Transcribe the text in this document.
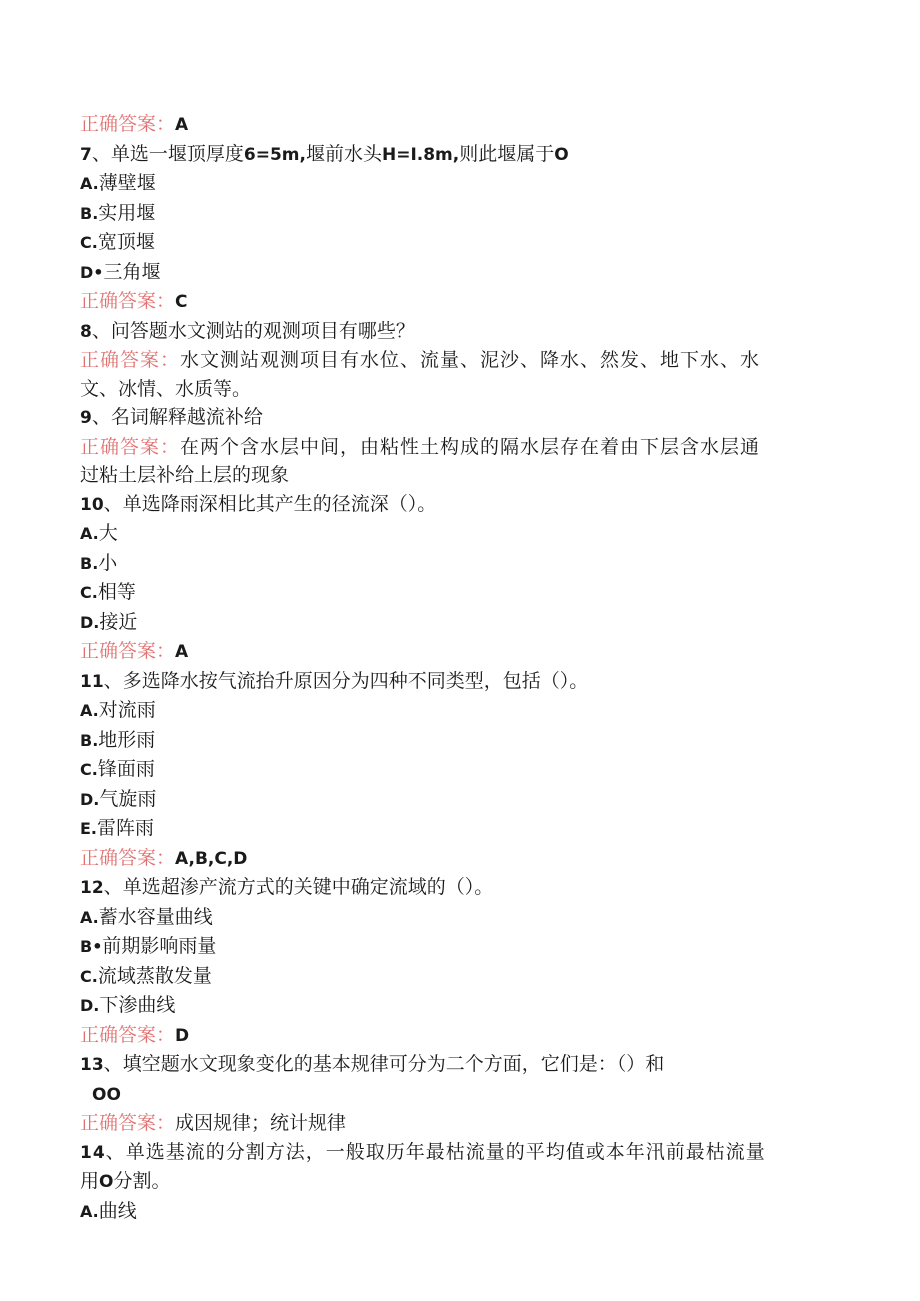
正确答案：A

7、单选一堰顶厚度6=5m,堰前水头H=I.8m,则此堰属于O

A.薄壁堰

B.实用堰

C.宽顶堰

D•三角堰

正确答案：C

8、问答题水文测站的观测项目有哪些？

正确答案：水文测站观测项目有水位、流量、泥沙、降水、然发、地下水、水

文、冰情、水质等。

9、名词解释越流补给

正确答案：在两个含水层中间，由粘性土构成的隔水层存在着由下层含水层通

过粘土层补给上层的现象

10、单选降雨深相比其产生的径流深（）。

A.大

B.小

C.相等

D.接近

正确答案：A

11、多选降水按气流抬升原因分为四种不同类型，包括（）。

A.对流雨

B.地形雨

C.锋面雨

D.气旋雨

E.雷阵雨

正确答案：A,B,C,D

12、单选超渗产流方式的关键中确定流域的（）。

A.蓄水容量曲线

B•前期影响雨量

C.流域蒸散发量

D.下渗曲线

正确答案：D

13、填空题水文现象变化的基本规律可分为二个方面，它们是：（）和

OO

正确答案：成因规律；统计规律

14、单选基流的分割方法，一般取历年最枯流量的平均值或本年汛前最枯流量

用O分割。

A.曲线
